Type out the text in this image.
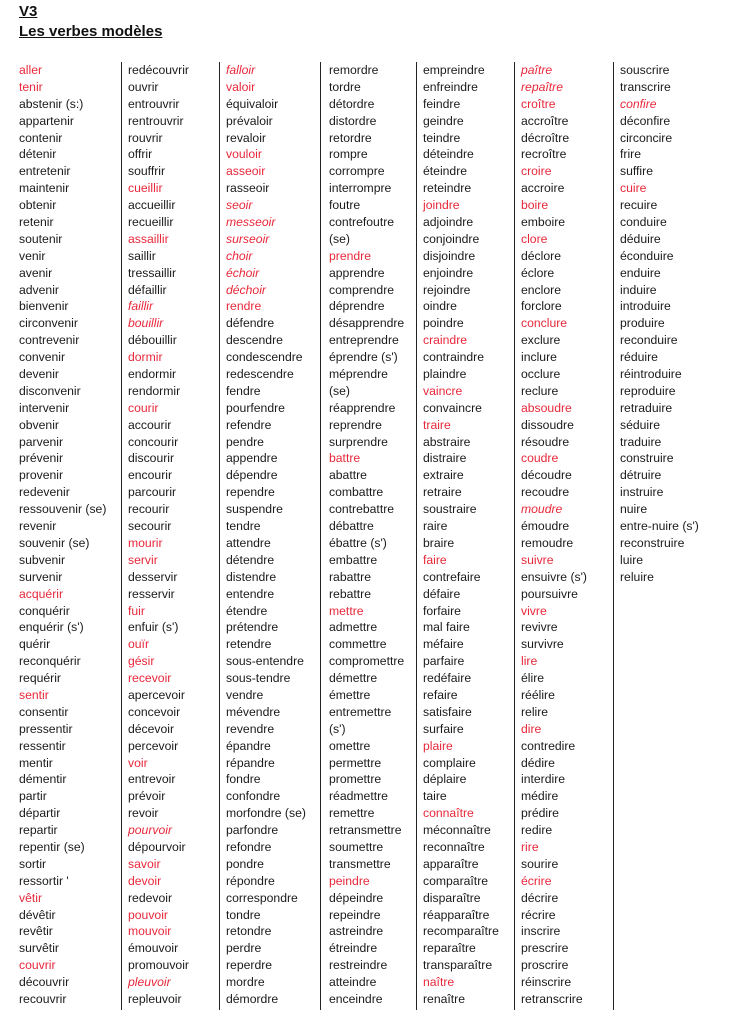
V3
Les verbes modèles
aller
tenir
abstenir (s:)
appartenir
contenir
détenir
entretenir
maintenir
obtenir
retenir
soutenir
venir
avenir
advenir
bienvenir
circonvenir
contrevenir
convenir
devenir
disconvenir
intervenir
obvenir
parvenir
prévenir
provenir
redevenir
ressouvenir (se)
revenir
souvenir (se)
subvenir
survenir
acquérir
conquérir
enquérir (s')
quérir
reconquérir
requérir
sentir
consentir
pressentir
ressentir
mentir
démentir
partir
départir
repartir
repentir (se)
sortir
ressortir '
vêtir
dévêtir
revêtir
survêtir
couvrir
découvrir
recouvrir
redécouvrir
ouvrir
entrouvrir
rentrouvrir
rouvrir
offrir
souffrir
cueillir
accueillir
recueillir
assaillir
saillir
tressaillir
défaillir
faillir
bouillir
débouillir
dormir
endormir
rendormir
courir
accourir
concourir
discourir
encourir
parcourir
recourir
secourir
mourir
servir
desservir
resservir
fuir
enfuir (s')
ouïr
gésir
recevoir
apercevoir
concevoir
décevoir
percevoir
voir
entrevoir
prévoir
revoir
pourvoir
dépourvoir
savoir
devoir
redevoir
pouvoir
mouvoir
émouvoir
promouvoir
pleuvoir
repleuvoir
falloir
valoir
équivaloir
prévaloir
revaloir
vouloir
asseoir
rasseoir
seoir
messeoir
surseoir
choir
échoir
déchoir
rendre
défendre
descendre
condescendre
redescendre
fendre
pourfendre
refendre
pendre
appendre
dépendre
rependre
suspendre
tendre
attendre
détendre
distendre
entendre
étendre
prétendre
retendre
sous-entendre
sous-tendre
vendre
mévendre
revendre
épandre
répandre
fondre
confondre
morfondre (se)
parfondre
refondre
pondre
répondre
correspondre
tondre
retondre
perdre
reperdre
mordre
démordre
remordre
tordre
détordre
distordre
retordre
rompre
corrompre
interrompre
foutre
contrefoutre
(se)
prendre
apprendre
comprendre
déprendre
désapprendre
entreprendre
éprendre (s')
méprendre
(se)
réapprendre
reprendre
surprendre
battre
abattre
combattre
contrebattre
débattre
ébattre (s')
embattre
rabattre
rebattre
mettre
admettre
commettre
compromettre
démettre
émettre
entremettre
(s')
omettre
permettre
promettre
réadmettre
remettre
retransmettre
soumettre
transmettre
peindre
dépeindre
repeindre
astreindre
étreindre
restreindre
atteindre
enceindre
empreindre
enfreindre
feindre
geindre
teindre
déteindre
éteindre
reteindre
joindre
adjoindre
conjoindre
disjoindre
enjoindre
rejoindre
oindre
poindre
craindre
contraindre
plaindre
vaincre
convaincre
traire
abstraire
distraire
extraire
retraire
soustraire
raire
braire
faire
contrefaire
défaire
forfaire
mal faire
méfaire
parfaire
redéfaire
refaire
satisfaire
surfaire
plaire
complaire
déplaire
taire
connaître
méconnaître
reconnaître
apparaître
comparaître
disparaître
réapparaître
recomparaître
reparaître
transparaître
naître
renaître
paître
repaître
croître
accroître
décroître
recroître
croire
accroire
boire
emboire
clore
déclore
éclore
enclore
forclore
conclure
exclure
inclure
occlure
reclure
absoudre
dissoudre
résoudre
coudre
découdre
recoudre
moudre
émoudre
remoudre
suivre
ensuivre (s')
poursuivre
vivre
revivre
survivre
lire
élire
réélire
relire
dire
contredire
dédire
interdire
médire
prédire
redire
rire
sourire
écrire
décrire
récrire
inscrire
prescrire
proscrire
réinscrire
retranscrire
souscrire
transcrire
confire
déconfire
circoncire
frire
suffire
cuire
recuire
conduire
déduire
éconduire
enduire
induire
introduire
produire
reconduire
réduire
réintroduire
reproduire
retraduire
séduire
traduire
construire
détruire
instruire
nuire
entre-nuire (s')
reconstruire
luire
reluire
